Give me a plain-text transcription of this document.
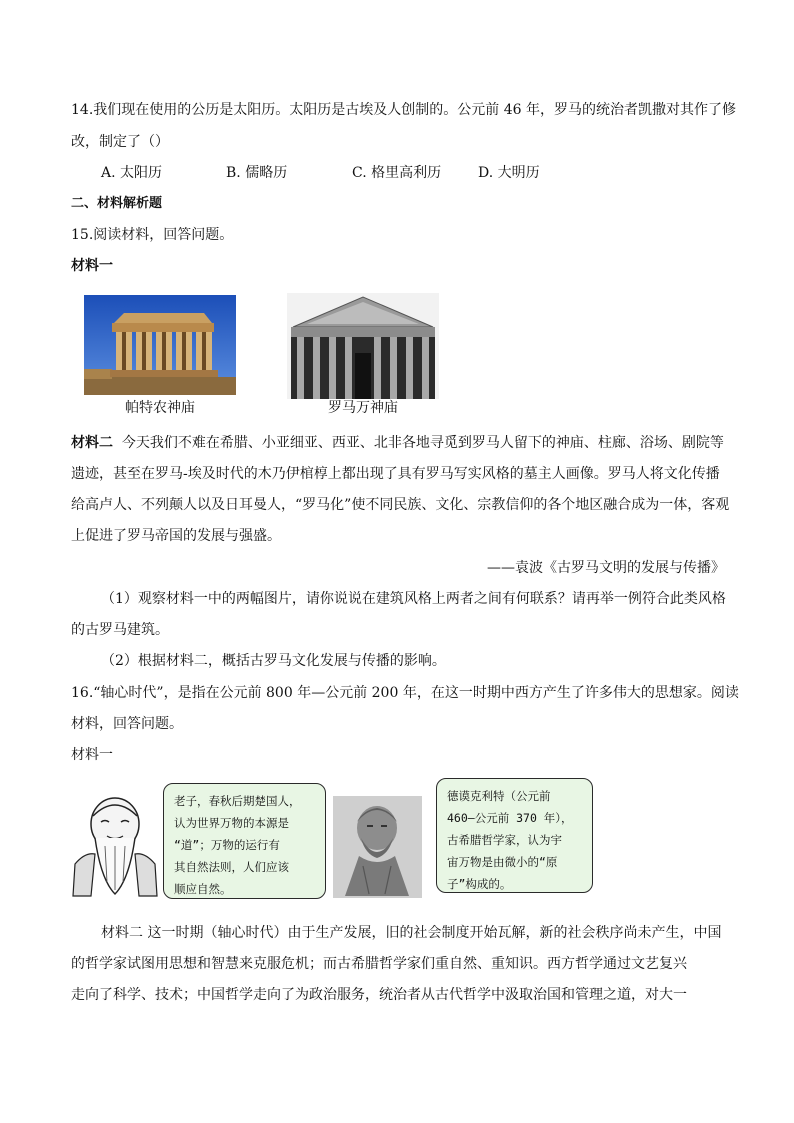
14.我们现在使用的公历是太阳历。太阳历是古埃及人创制的。公元前 46 年，罗马的统治者凯撒对其作了修
改，制定了（）
A. 太阳历	B. 儒略历	C. 格里高利历	D. 大明历
二、材料解析题
15.阅读材料，回答问题。
材料一
帕特农神庙	罗马万神庙
材料二 今天我们不难在希腊、小亚细亚、西亚、北非各地寻觅到罗马人留下的神庙、柱廊、浴场、剧院等
遗迹，甚至在罗马-埃及时代的木乃伊棺椁上都出现了具有罗马写实风格的墓主人画像。罗马人将文化传播
给高卢人、不列颠人以及日耳曼人，“罗马化”使不同民族、文化、宗教信仰的各个地区融合成为一体，客观
上促进了罗马帝国的发展与强盛。
——袁波《古罗马文明的发展与传播》
（1）观察材料一中的两幅图片，请你说说在建筑风格上两者之间有何联系？请再举一例符合此类风格
的古罗马建筑。
（2）根据材料二，概括古罗马文化发展与传播的影响。
16.“轴心时代”，是指在公元前 800 年—公元前 200 年，在这一时期中西方产生了许多伟大的思想家。阅读
材料，回答问题。
材料一
老子，春秋后期楚国人，
认为世界万物的本源是
“道”；万物的运行有
其自然法则，人们应该
顺应自然。
德谟克利特（公元前
460—公元前 370 年），
古希腊哲学家，认为宇
宙万物是由微小的“原
子”构成的。
材料二 这一时期（轴心时代）由于生产发展，旧的社会制度开始瓦解，新的社会秩序尚未产生，中国
的哲学家试图用思想和智慧来克服危机；而古希腊哲学家们重自然、重知识。西方哲学通过文艺复兴
走向了科学、技术；中国哲学走向了为政治服务，统治者从古代哲学中汲取治国和管理之道，对大一
